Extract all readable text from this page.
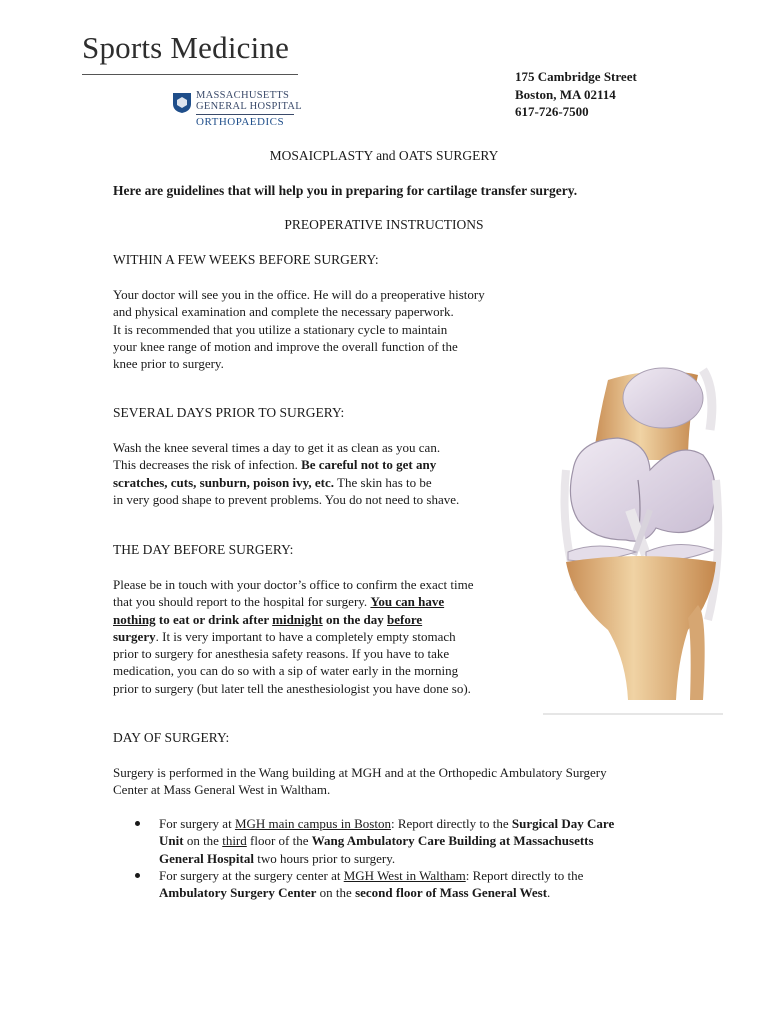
Sports Medicine
MASSACHUSETTS
GENERAL HOSPITAL
ORTHOPAEDICS
175 Cambridge Street
Boston, MA 02114
617-726-7500
MOSAICPLASTY and OATS SURGERY
Here are guidelines that will help you in preparing for cartilage transfer surgery.
PREOPERATIVE INSTRUCTIONS
WITHIN A FEW WEEKS BEFORE SURGERY:
Your doctor will see you in the office. He will do a preoperative history
and physical examination and complete the necessary paperwork.
It is recommended that you utilize a stationary cycle to maintain
your knee range of motion and improve the overall function of the
knee prior to surgery.
SEVERAL DAYS PRIOR TO SURGERY:
Wash the knee several times a day to get it as clean as you can.
This decreases the risk of infection. Be careful not to get any
scratches, cuts, sunburn, poison ivy, etc. The skin has to be
in very good shape to prevent problems. You do not need to shave.
THE DAY BEFORE SURGERY:
Please be in touch with your doctor’s office to confirm the exact time
that you should report to the hospital for surgery. You can have
nothing to eat or drink after midnight on the day before
surgery. It is very important to have a completely empty stomach
prior to surgery for anesthesia safety reasons. If you have to take
medication, you can do so with a sip of water early in the morning
prior to surgery (but later tell the anesthesiologist you have done so).
DAY OF SURGERY:
Surgery is performed in the Wang building at MGH and at the Orthopedic Ambulatory Surgery
Center at Mass General West in Waltham.
For surgery at MGH main campus in Boston: Report directly to the Surgical Day Care
Unit on the third floor of the Wang Ambulatory Care Building at Massachusetts
General Hospital two hours prior to surgery.
For surgery at the surgery center at MGH West in Waltham: Report directly to the
Ambulatory Surgery Center on the second floor of Mass General West.
